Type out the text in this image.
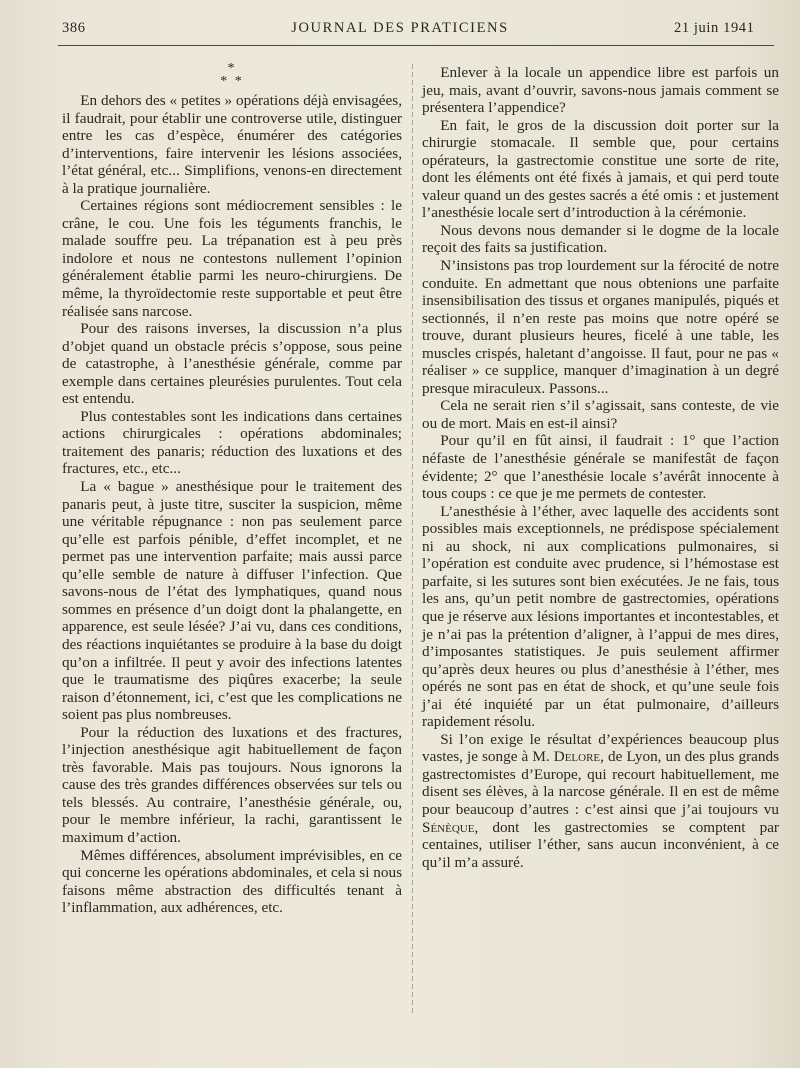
386	JOURNAL DES PRATICIENS	21 juin 1941
*
* *

En dehors des « petites » opérations déjà envisagées, il faudrait, pour établir une controverse utile, distinguer entre les cas d’espèce, énumérer des catégories d’interventions, faire intervenir les lésions associées, l’état général, etc... Simplifions, venons-en directement à la pratique journalière.

Certaines régions sont médiocrement sensibles : le crâne, le cou. Une fois les téguments franchis, le malade souffre peu. La trépanation est à peu près indolore et nous ne contestons nullement l’opinion généralement établie parmi les neuro-chirurgiens. De même, la thyroïdectomie reste supportable et peut être réalisée sans narcose.

Pour des raisons inverses, la discussion n’a plus d’objet quand un obstacle précis s’oppose, sous peine de catastrophe, à l’anesthésie générale, comme par exemple dans certaines pleurésies purulentes. Tout cela est entendu.

Plus contestables sont les indications dans certaines actions chirurgicales : opérations abdominales; traitement des panaris; réduction des luxations et des fractures, etc., etc...

La « bague » anesthésique pour le traitement des panaris peut, à juste titre, susciter la suspicion, même une véritable répugnance : non pas seulement parce qu’elle est parfois pénible, d’effet incomplet, et ne permet pas une intervention parfaite; mais aussi parce qu’elle semble de nature à diffuser l’infection. Que savons-nous de l’état des lymphatiques, quand nous sommes en présence d’un doigt dont la phalangette, en apparence, est seule lésée? J’ai vu, dans ces conditions, des réactions inquiétantes se produire à la base du doigt qu’on a infiltrée. Il peut y avoir des infections latentes que le traumatisme des piqûres exacerbe; la seule raison d’étonnement, ici, c’est que les complications ne soient pas plus nombreuses.

Pour la réduction des luxations et des fractures, l’injection anesthésique agit habituellement de façon très favorable. Mais pas toujours. Nous ignorons la cause des très grandes différences observées sur tels ou tels blessés. Au contraire, l’anesthésie générale, ou, pour le membre inférieur, la rachi, garantissent le maximum d’action.

Mêmes différences, absolument imprévisibles, en ce qui concerne les opérations abdominales, et cela si nous faisons même abstraction des difficultés tenant à l’inflammation, aux adhérences, etc.

Enlever à la locale un appendice libre est parfois un jeu, mais, avant d’ouvrir, savons-nous jamais comment se présentera l’appendice?

En fait, le gros de la discussion doit porter sur la chirurgie stomacale. Il semble que, pour certains opérateurs, la gastrectomie constitue une sorte de rite, dont les éléments ont été fixés à jamais, et qui perd toute valeur quand un des gestes sacrés a été omis : et justement l’anesthésie locale sert d’introduction à la cérémonie.

Nous devons nous demander si le dogme de la locale reçoit des faits sa justification.

N’insistons pas trop lourdement sur la férocité de notre conduite. En admettant que nous obtenions une parfaite insensibilisation des tissus et organes manipulés, piqués et sectionnés, il n’en reste pas moins que notre opéré se trouve, durant plusieurs heures, ficelé à une table, les muscles crispés, haletant d’angoisse. Il faut, pour ne pas « réaliser » ce supplice, manquer d’imagination à un degré presque miraculeux. Passons...

Cela ne serait rien s’il s’agissait, sans conteste, de vie ou de mort. Mais en est-il ainsi?

Pour qu’il en fût ainsi, il faudrait : 1° que l’action néfaste de l’anesthésie générale se manifestât de façon évidente; 2° que l’anesthésie locale s’avérât innocente à tous coups : ce que je me permets de contester.

L’anesthésie à l’éther, avec laquelle des accidents sont possibles mais exceptionnels, ne prédispose spécialement ni au shock, ni aux complications pulmonaires, si l’opération est conduite avec prudence, si l’hémostase est parfaite, si les sutures sont bien exécutées. Je ne fais, tous les ans, qu’un petit nombre de gastrectomies, opérations que je réserve aux lésions importantes et incontestables, et je n’ai pas la prétention d’aligner, à l’appui de mes dires, d’imposantes statistiques. Je puis seulement affirmer qu’après deux heures ou plus d’anesthésie à l’éther, mes opérés ne sont pas en état de shock, et qu’une seule fois j’ai été inquiété par un état pulmonaire, d’ailleurs rapidement résolu.

Si l’on exige le résultat d’expériences beaucoup plus vastes, je songe à M. Delore, de Lyon, un des plus grands gastrectomistes d’Europe, qui recourt habituellement, me disent ses élèves, à la narcose générale. Il en est de même pour beaucoup d’autres : c’est ainsi que j’ai toujours vu Sénèque, dont les gastrectomies se comptent par centaines, utiliser l’éther, sans aucun inconvénient, à ce qu’il m’a assuré.
